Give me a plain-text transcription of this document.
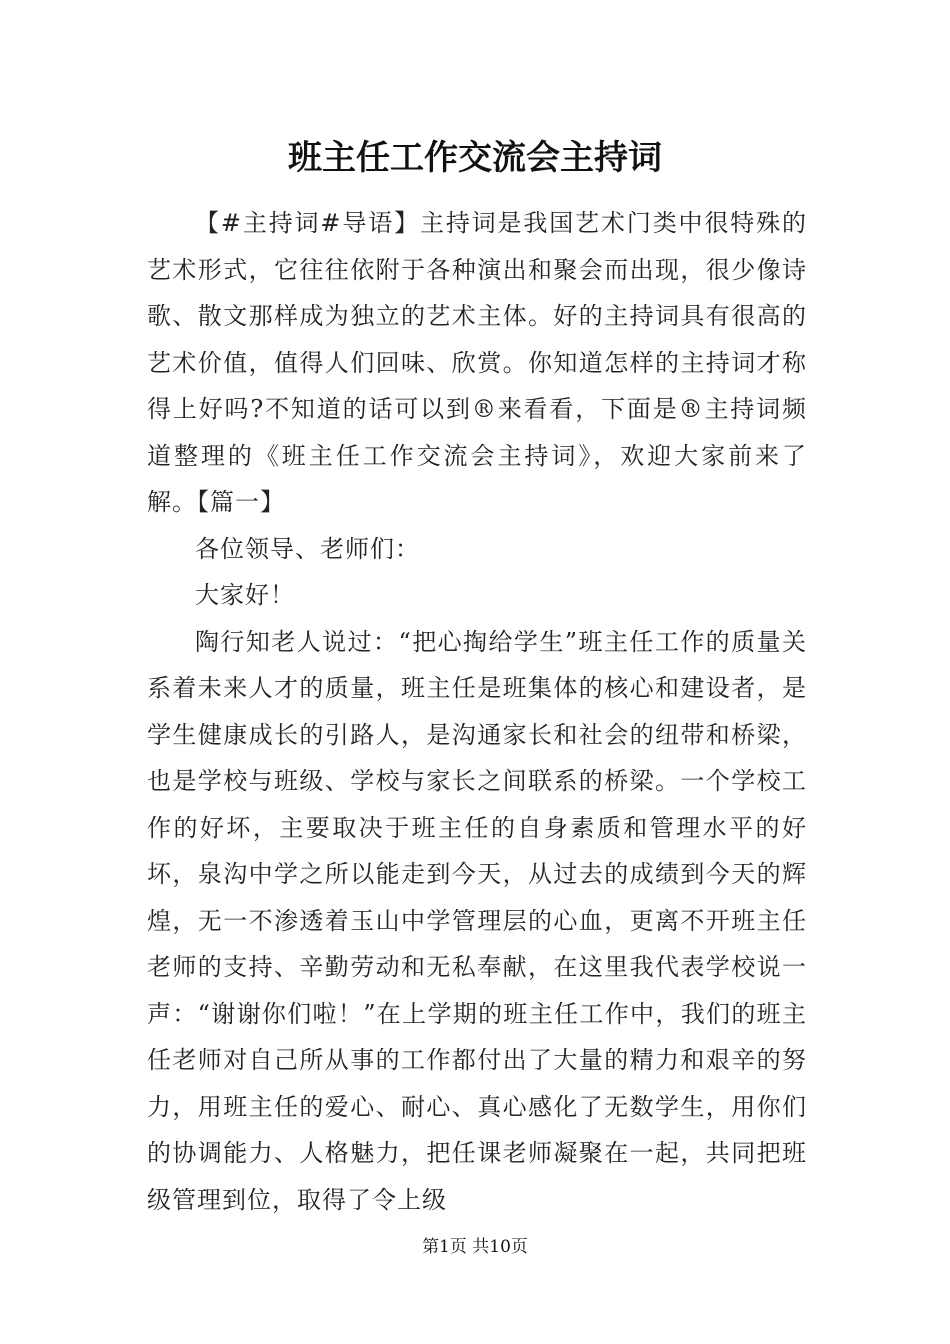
班主任工作交流会主持词

【#主持词#导语】主持词是我国艺术门类中很特殊的艺术形式，它往往依附于各种演出和聚会而出现，很少像诗歌、散文那样成为独立的艺术主体。好的主持词具有很高的艺术价值，值得人们回味、欣赏。你知道怎样的主持词才称得上好吗?不知道的话可以到®来看看，下面是®主持词频道整理的《班主任工作交流会主持词》，欢迎大家前来了解。【篇一】

各位领导、老师们：

大家好！

陶行知老人说过：“把心掏给学生”班主任工作的质量关系着未来人才的质量，班主任是班集体的核心和建设者，是学生健康成长的引路人，是沟通家长和社会的纽带和桥梁，也是学校与班级、学校与家长之间联系的桥梁。一个学校工作的好坏，主要取决于班主任的自身素质和管理水平的好坏，泉沟中学之所以能走到今天，从过去的成绩到今天的辉煌，无一不渗透着玉山中学管理层的心血，更离不开班主任老师的支持、辛勤劳动和无私奉献，在这里我代表学校说一声：“谢谢你们啦！”在上学期的班主任工作中，我们的班主任老师对自己所从事的工作都付出了大量的精力和艰辛的努力，用班主任的爱心、耐心、真心感化了无数学生，用你们的协调能力、人格魅力，把任课老师凝聚在一起，共同把班级管理到位，取得了令上级

第1页 共10页
